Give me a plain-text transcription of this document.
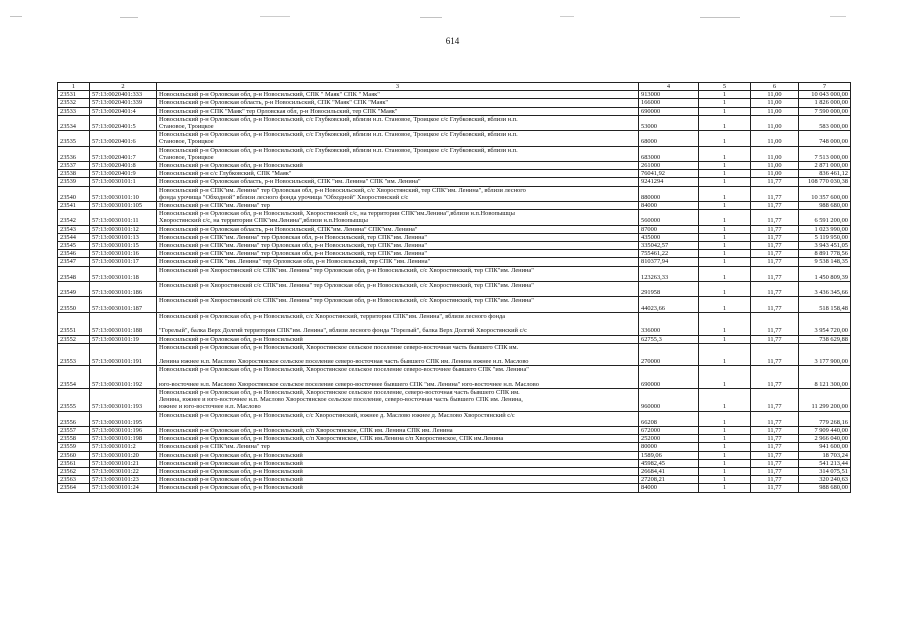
614
1	2	3	4	5	6	7
23531	57:13:0020401:333	Новосильский р-н Орловская обл, р-н Новосильский, СПК " Маяк" СПК " Маяк"	913000	1	11,00	10 043 000,00
23532	57:13:0020401:339	Новосильский р-н Орловская область, р-н Новосильский, СПК "Маяк" СПК "Маяк"	166000	1	11,00	1 826 000,00
23533	57:13:0020401:4	Новосильский р-н СПК "Маяк" тер Орловская обл, р-н Новосильский, тер СПК "Маяк"	690000	1	11,00	7 590 000,00
23534	57:13:0020401:5	Новосильский р-н Орловская обл, р-н Новосильский, с/с Глубковский, вблизи н.п. Становое, Троицкое с/с Глубковский, вблизи н.п.
Становое, Троицкое	53000	1	11,00	583 000,00
23535	57:13:0020401:6	Новосильский р-н Орловская обл, р-н Новосильский, с/с Глубковский, вблизи н.п. Становое, Троицкое с/с Глубковский, вблизи н.п.
Становое, Троицкое	68000	1	11,00	748 000,00
23536	57:13:0020401:7	Новосильский р-н Орловская обл, р-н Новосильский, с/с Глубковский, вблизи н.п. Становое, Троицкое с/с Глубковский, вблизи н.п.
Становое, Троицкое	683000	1	11,00	7 513 000,00
23537	57:13:0020401:8	Новосильский р-н Орловская обл, р-н Новосильский	261000	1	11,00	2 871 000,00
23538	57:13:0020401:9	Новосильский р-н с/с Глубковский, СПК "Маяк"	76041,92	1	11,00	836 461,12
23539	57:13:0030101:1	Новосильский р-н Орловская область, р-н Новосильский, СПК "им. Ленина" СПК "им. Ленина"	9241294	1	11,77	108 770 030,38
23540	57:13:0030101:10	Новосильский р-н СПК"им. Ленина" тер Орловская обл, р-н Новосильский, с/с Хворостянский, тер СПК"им. Ленина", вблизи лесного
фонда урочища "Обходной" вблизи лесного фонда урочища "Обходной" Хворостянский с/с	880000	1	11,77	10 357 600,00
23541	57:13:0030101:105	Новосильский р-н СПК"им. Ленина" тер	84000	1	11,77	988 680,00
23542	57:13:0030101:11	Новосильский р-н Орловская обл, р-н Новосильский, Хворостянский с/с, на территории СПК"им.Ленина",вблизи н.п.Новопышцы
Хворостянский с/с, на территории СПК"им.Ленина",вблизи н.п.Новопышцы	560000	1	11,77	6 591 200,00
23543	57:13:0030101:12	Новосильский р-н Орловская область, р-н Новосильский, СПК"им. Ленина" СПК"им. Ленина"	87000	1	11,77	1 023 990,00
23544	57:13:0030101:13	Новосильский р-н СПК"им. Ленина" тер Орловская обл, р-н Новосильский, тер СПК"им. Ленина"	435000	1	11,77	5 119 950,00
23545	57:13:0030101:15	Новосильский р-н СПК"им. Ленина" тер Орловская обл, р-н Новосильский, тер СПК"им. Ленина"	335042,57	1	11,77	3 943 451,05
23546	57:13:0030101:16	Новосильский р-н СПК"им. Ленина" тер Орловская обл, р-н Новосильский, тер СПК"им. Ленина"	755461,22	1	11,77	8 891 778,56
23547	57:13:0030101:17	Новосильский р-н СПК "им. Ленина" тер Орловская обл, р-н Новосильский, тер СПК "им. Ленина"	810377,94	1	11,77	9 538 148,35
23548	57:13:0030101:18	Новосильский р-н Хворостянский с/с СПК"им. Ленина" тер Орловская обл, р-н Новосильский, с/с Хворостянский, тер СПК"им. Ленина"	123263,33	1	11,77	1 450 809,39
23549	57:13:0030101:186	Новосильский р-н Хворостянский с/с СПК"им. Ленина" тер Орловская обл, р-н Новосильский, с/с Хворостянский, тер СПК"им. Ленина"	291958	1	11,77	3 436 345,66
23550	57:13:0030101:187	Новосильский р-н Хворостянский с/с СПК"им. Ленина" тер Орловская обл, р-н Новосильский, с/с Хворостянский, тер СПК"им. Ленина"	44023,66	1	11,77	518 158,48
23551	57:13:0030101:188	Новосильский р-н Орловская обл, р-н Новосильский, с/с Хворостянский, территория СПК"им. Ленина", вблизи лесного фонда

"Горелый", балка Верх Долгий территория СПК"им. Ленина", вблизи лесного фонда "Горелый", балка Верх Долгий Хворостянский с/с	336000	1	11,77	3 954 720,00
23552	57:13:0030101:19	Новосильский р-н Орловская обл, р-н Новосильский	62755,3	1	11,77	738 629,88
23553	57:13:0030101:191	Новосильский р-н Орловская обл, р-н Новосильский, Хворостянское сельское поселение северо-восточная часть бывшего СПК им.

Ленина южнее н.п. Маслово Хворостянское сельское поселение северо-восточная часть бывшего СПК им. Ленина южнее н.п. Маслово	270000	1	11,77	3 177 900,00
23554	57:13:0030101:192	Новосильский р-н Орловская обл, р-н Новосильский, Хворостянское сельское поселение северо-восточнее бывшего СПК "им. Ленина"

юго-восточнее н.п. Маслово Хворостянское сельское поселение северо-восточнее бывшего СПК "им. Ленина" юго-восточнее н.п. Маслово	690000	1	11,77	8 121 300,00
23555	57:13:0030101:193	Новосильский р-н Орловская обл, р-н Новосильский, Хворостянское сельское поселение, северо-восточная часть бывшего СПК им.
Ленина, южнее и юго-восточнее н.п. Маслово Хворостянское сельское поселение, северо-восточная часть бывшего СПК им. Ленина,
южнее и юго-восточнее н.п. Маслово	960000	1	11,77	11 299 200,00
23556	57:13:0030101:195	Новосильский р-н Орловская обл, р-н Новосильский, с/с Хворостянский, южнее д. Маслово южнее д. Маслово Хворостянский с/с	66208	1	11,77	779 268,16
23557	57:13:0030101:196	Новосильский р-н Орловская обл, р-н Новосильский, с/п Хворостянское, СПК им. Ленина СПК им. Ленина	672000	1	11,77	7 909 440,00
23558	57:13:0030101:198	Новосильский р-н Орловская обл, р-н Новосильский, с/п Хворостянское, СПК им.Ленина с/п Хворостянское, СПК им.Ленина	252000	1	11,77	2 966 040,00
23559	57:13:0030101:2	Новосильский р-н СПК"им. Ленина" тер	80000	1	11,77	941 600,00
23560	57:13:0030101:20	Новосильский р-н Орловская обл, р-н Новосильский	1589,06	1	11,77	18 703,24
23561	57:13:0030101:21	Новосильский р-н Орловская обл, р-н Новосильский	45982,45	1	11,77	541 213,44
23562	57:13:0030101:22	Новосильский р-н Орловская обл, р-н Новосильский	26684,41	1	11,77	314 075,51
23563	57:13:0030101:23	Новосильский р-н Орловская обл, р-н Новосильский	27208,21	1	11,77	320 240,63
23564	57:13:0030101:24	Новосильский р-н Орловская обл, р-н Новосильский	84000	1	11,77	988 680,00
